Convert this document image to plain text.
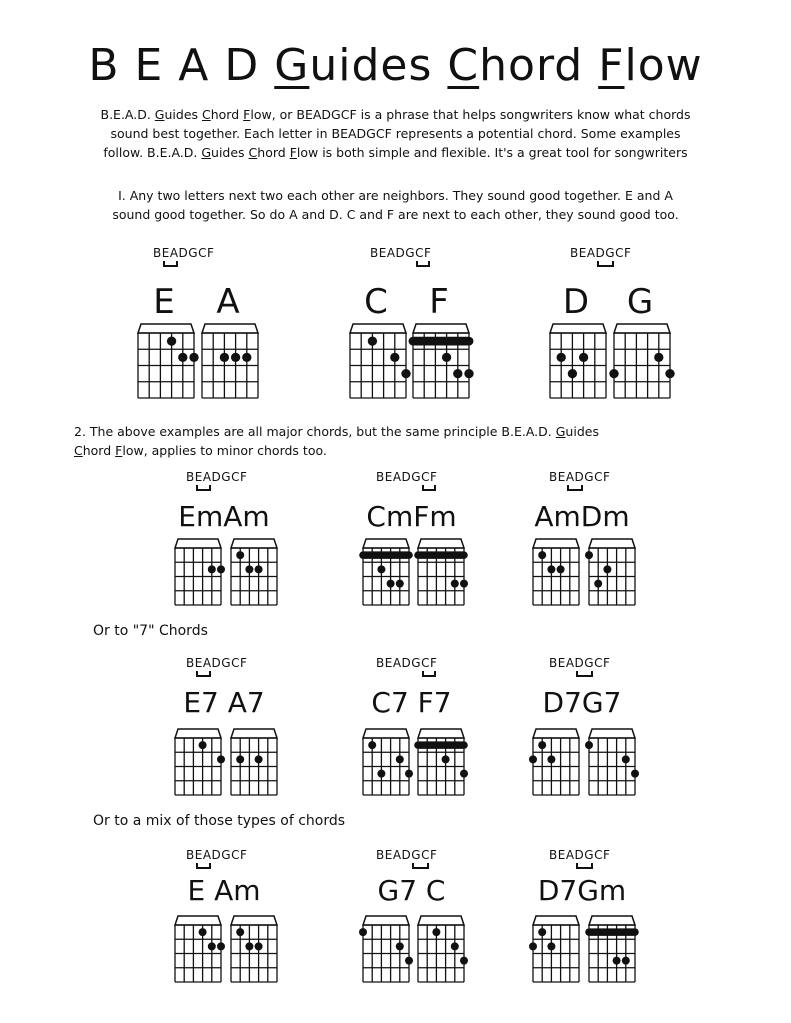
B E A D Guides Chord Flow
B.E.A.D. Guides Chord Flow, or BEADGCF is a phrase that helps songwriters know what chords
sound best together. Each letter in BEADGCF represents a potential chord. Some examples
follow. B.E.A.D. Guides Chord Flow is both simple and flexible. It's a great tool for songwriters
I. Any two letters next two each other are neighbors. They sound good together. E and A
sound good together. So do A and D. C and F are next to each other, they sound good too.
2. The above examples are all major chords, but the same principle B.E.A.D. Guides
Chord Flow, applies to minor chords too.
Or to "7" Chords
Or to a mix of those types of chords
BEA
DGCF
E	A
BEADGCF
C	F
BEADG
CF
D	G
BEA
DGCF
EmAm
BEADGCF
CmFm
BEAD
GCF
AmDm
BEA
DGCF
E7 A7
BEADGCF
C7 F7
BEADG
CF
D7G7
BEA
DGCF
E Am
BEADGC
F
G7 C
BEADG
CF
D7Gm
